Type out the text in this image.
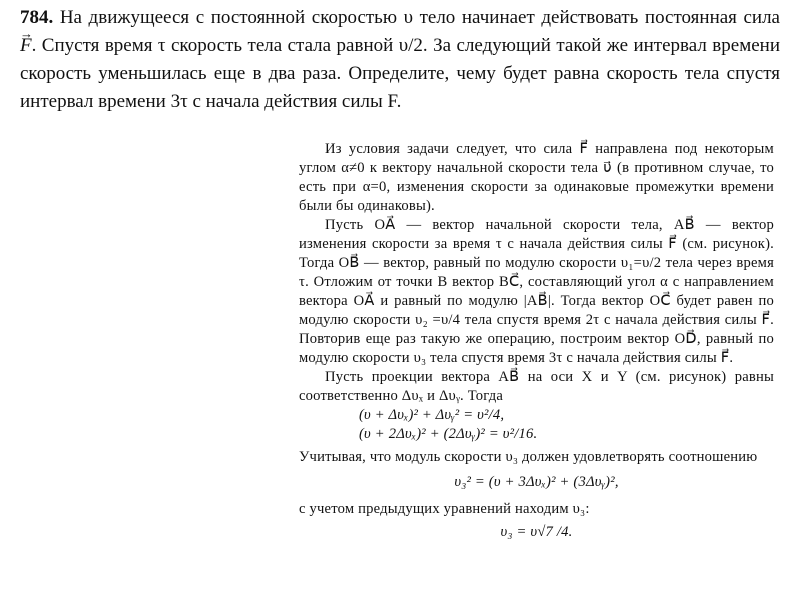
784. На движущееся с постоянной скоростью υ тело начинает действовать постоянная сила → F. Спустя время τ скорость тела стала равной υ/2. За следующий такой же интервал времени скорость уменьшилась еще в два раза. Определите, чему будет равна скорость тела спустя интервал времени 3τ с начала действия силы F.

Из условия задачи следует, что сила F⃗ направлена под некоторым углом α≠0 к вектору начальной скорости тела υ⃗ (в противном случае, то есть при α=0, изменения скорости за одинаковые промежутки времени были бы одинаковы).

Пусть OA⃗ — вектор начальной скорости тела, AB⃗ — вектор изменения скорости за время τ с начала действия силы F⃗ (см. рисунок). Тогда OB⃗ — вектор, равный по модулю скорости υ₁=υ/2 тела через время τ. Отложим от точки B вектор BC⃗, составляющий угол α с направлением вектора OA⃗ и равный по модулю |AB⃗|. Тогда вектор OC⃗ будет равен по модулю скорости υ₂ =υ/4 тела спустя время 2τ с начала действия силы F⃗. Повторив еще раз такую же операцию, построим вектор OD⃗, равный по модулю скорости υ₃ тела спустя время 3τ с начала действия силы F⃗.

Пусть проекции вектора AB⃗ на оси X и Y (см. рисунок) равны соответственно Δυₓ и Δυᵧ. Тогда

(υ + Δυₓ)² + Δυᵧ² = υ²/4,
(υ + 2Δυₓ)² + (2Δυᵧ)² = υ²/16.

Учитывая, что модуль скорости υ₃ должен удовлетворять соотношению

υ₃² = (υ + 3Δυₓ)² + (3Δυᵧ)²,

с учетом предыдущих уравнений находим υ₃:

υ₃ = υ√7 /4.
